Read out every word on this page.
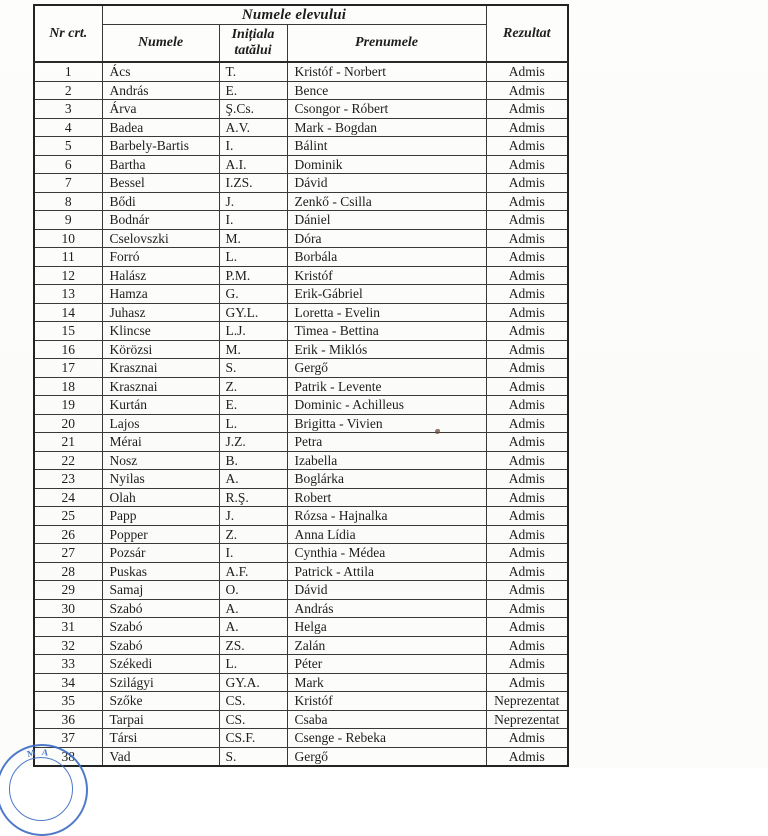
Nr crt.	Numele elevului			Rezultat
	Numele	Inițiala tatălui	Prenumele	
1	Ács	T.	Kristóf - Norbert	Admis
2	András	E.	Bence	Admis
3	Árva	Ş.Cs.	Csongor - Róbert	Admis
4	Badea	A.V.	Mark - Bogdan	Admis
5	Barbely-Bartis	I.	Bálint	Admis
6	Bartha	A.I.	Dominik	Admis
7	Bessel	I.ZS.	Dávid	Admis
8	Bődi	J.	Zenkő - Csilla	Admis
9	Bodnár	I.	Dániel	Admis
10	Cselovszki	M.	Dóra	Admis
11	Forró	L.	Borbála	Admis
12	Halász	P.M.	Kristóf	Admis
13	Hamza	G.	Erik-Gábriel	Admis
14	Juhasz	GY.L.	Loretta - Evelin	Admis
15	Klincse	L.J.	Timea - Bettina	Admis
16	Körözsi	M.	Erik - Miklós	Admis
17	Krasznai	S.	Gergő	Admis
18	Krasznai	Z.	Patrik - Levente	Admis
19	Kurtán	E.	Dominic - Achilleus	Admis
20	Lajos	L.	Brigitta - Vivien	Admis
21	Mérai	J.Z.	Petra	Admis
22	Nosz	B.	Izabella	Admis
23	Nyilas	A.	Boglárka	Admis
24	Olah	R.Ş.	Robert	Admis
25	Papp	J.	Rózsa - Hajnalka	Admis
26	Popper	Z.	Anna Lídia	Admis
27	Pozsár	I.	Cynthia - Médea	Admis
28	Puskas	A.F.	Patrick - Attila	Admis
29	Samaj	O.	Dávid	Admis
30	Szabó	A.	András	Admis
31	Szabó	A.	Helga	Admis
32	Szabó	ZS.	Zalán	Admis
33	Székedi	L.	Péter	Admis
34	Szilágyi	GY.A.	Mark	Admis
35	Szőke	CS.	Kristóf	Neprezentat
36	Tarpai	CS.	Csaba	Neprezentat
37	Társi	CS.F.	Csenge - Rebeka	Admis
38	Vad	S.	Gergő	Admis
M A
